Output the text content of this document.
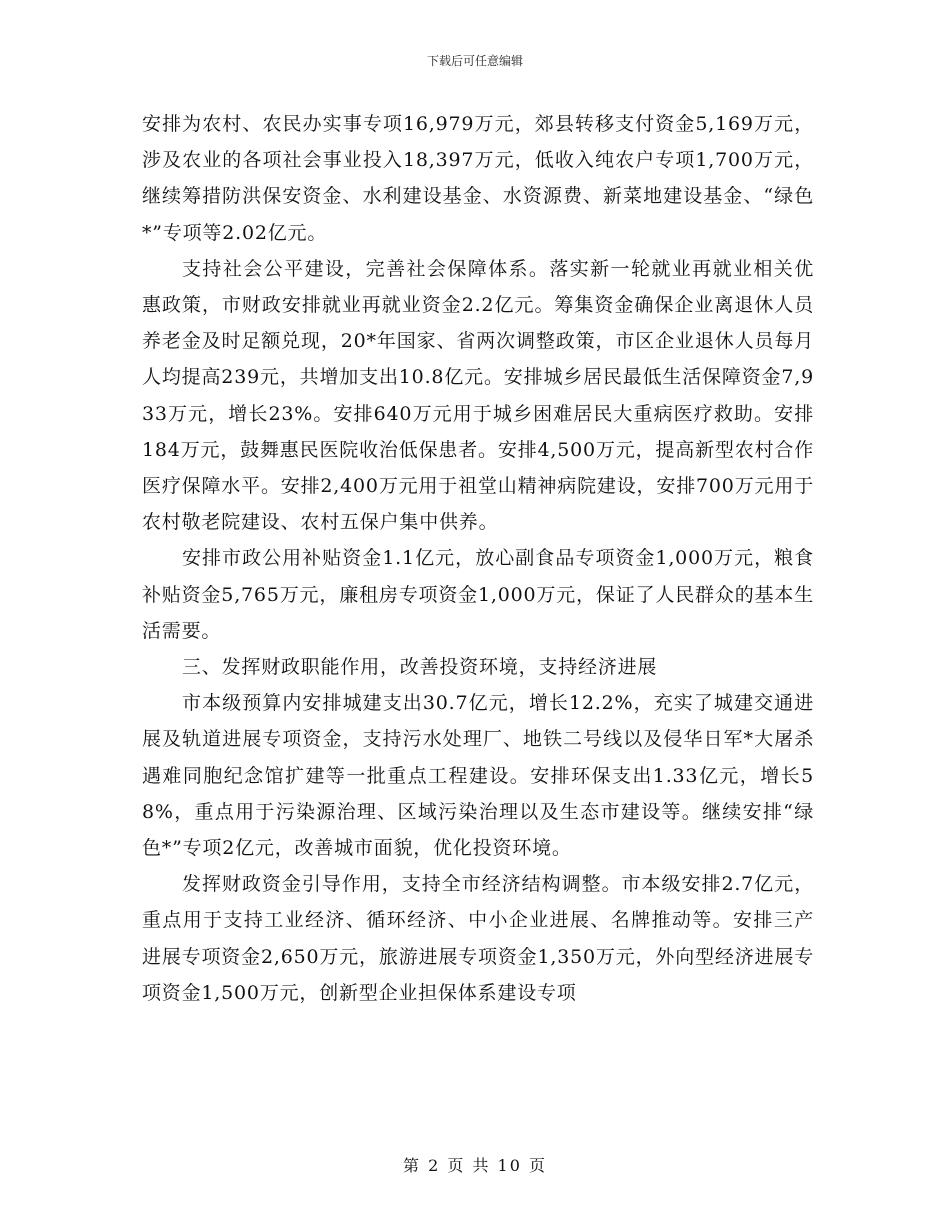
下载后可任意编辑

安排为农村、农民办实事专项16,979万元，郊县转移支付资金5,169万元，涉及农业的各项社会事业投入18,397万元，低收入纯农户专项1,700万元，继续筹措防洪保安资金、水利建设基金、水资源费、新菜地建设基金、“绿色*”专项等2.02亿元。

支持社会公平建设，完善社会保障体系。落实新一轮就业再就业相关优惠政策，市财政安排就业再就业资金2.2亿元。筹集资金确保企业离退休人员养老金及时足额兑现，20*年国家、省两次调整政策，市区企业退休人员每月人均提高239元，共增加支出10.8亿元。安排城乡居民最低生活保障资金7,933万元，增长23%。安排640万元用于城乡困难居民大重病医疗救助。安排184万元，鼓舞惠民医院收治低保患者。安排4,500万元，提高新型农村合作医疗保障水平。安排2,400万元用于祖堂山精神病院建设，安排700万元用于农村敬老院建设、农村五保户集中供养。

安排市政公用补贴资金1.1亿元，放心副食品专项资金1,000万元，粮食补贴资金5,765万元，廉租房专项资金1,000万元，保证了人民群众的基本生活需要。

三、发挥财政职能作用，改善投资环境，支持经济进展

市本级预算内安排城建支出30.7亿元，增长12.2%，充实了城建交通进展及轨道进展专项资金，支持污水处理厂、地铁二号线以及侵华日军*大屠杀遇难同胞纪念馆扩建等一批重点工程建设。安排环保支出1.33亿元，增长58%，重点用于污染源治理、区域污染治理以及生态市建设等。继续安排“绿色*”专项2亿元，改善城市面貌，优化投资环境。

发挥财政资金引导作用，支持全市经济结构调整。市本级安排2.7亿元，重点用于支持工业经济、循环经济、中小企业进展、名牌推动等。安排三产进展专项资金2,650万元，旅游进展专项资金1,350万元，外向型经济进展专项资金1,500万元，创新型企业担保体系建设专项

第 2 页 共 10 页
